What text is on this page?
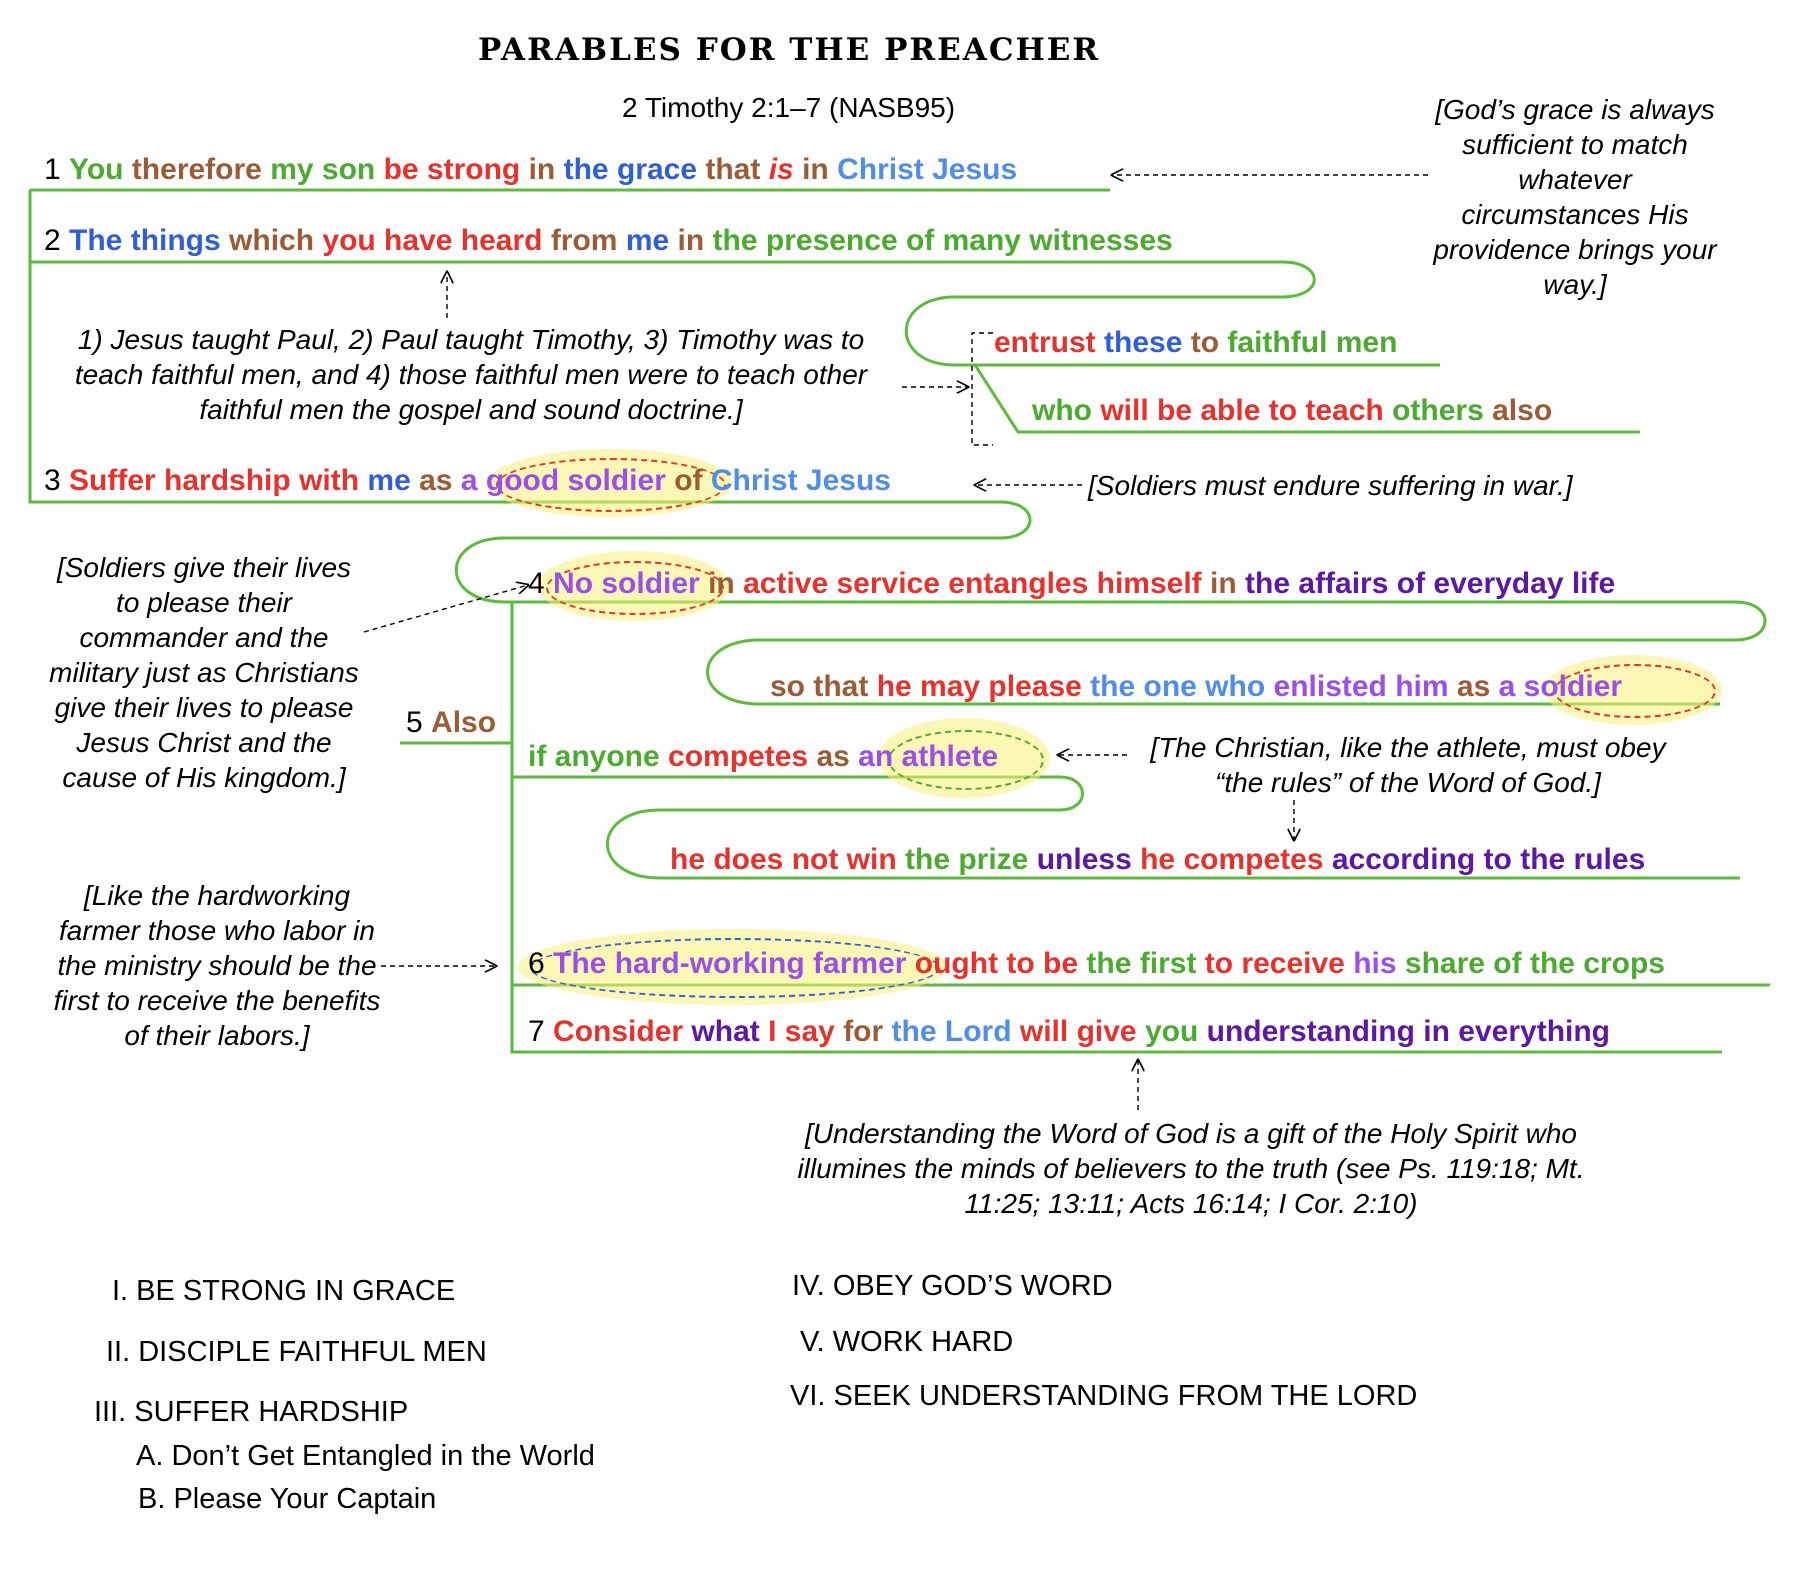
PARABLES FOR THE PREACHER
2 Timothy 2:1–7 (NASB95)
1 You therefore my son be strong in the grace that is in Christ Jesus
2 The things which you have heard from me in the presence of many witnesses
entrust these to faithful men
who will be able to teach others also
3 Suffer hardship with me as a good soldier of Christ Jesus
4 No soldier in active service entangles himself in the affairs of everyday life
so that he may please the one who enlisted him as a soldier
5 Also
if anyone competes as an athlete
he does not win the prize unless he competes according to the rules
6 The hard-working farmer ought to be the first to receive his share of the crops
7 Consider what I say for the Lord will give you understanding in everything
[God’s grace is always sufficient to match whatever circumstances His providence brings your way.]
1) Jesus taught Paul, 2) Paul taught Timothy, 3) Timothy was to teach faithful men, and 4) those faithful men were to teach other faithful men the gospel and sound doctrine.]
[Soldiers must endure suffering in war.]
[Soldiers give their lives to please their commander and the military just as Christians give their lives to please Jesus Christ and the cause of His kingdom.]
[The Christian, like the athlete, must obey “the rules” of the Word of God.]
[Like the hardworking farmer those who labor in the ministry should be the first to receive the benefits of their labors.]
[Understanding the Word of God is a gift of the Holy Spirit who illumines the minds of believers to the truth (see Ps. 119:18; Mt. 11:25; 13:11; Acts 16:14; I Cor. 2:10)
I. BE STRONG IN GRACE
II. DISCIPLE FAITHFUL MEN
III. SUFFER HARDSHIP
A. Don’t Get Entangled in the World
B. Please Your Captain
IV. OBEY GOD’S WORD
V. WORK HARD
VI. SEEK UNDERSTANDING FROM THE LORD
